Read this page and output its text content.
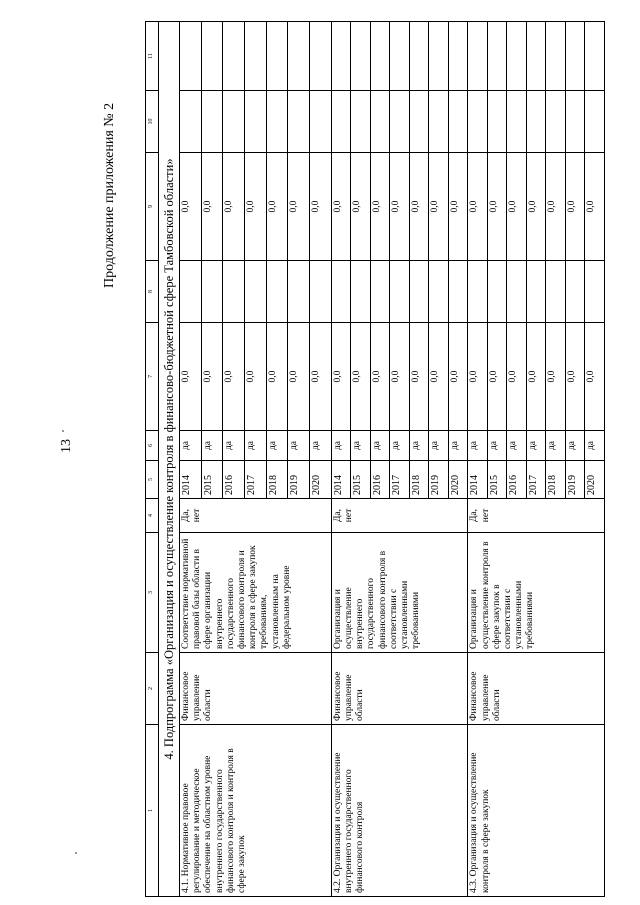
13
Продолжение приложения № 2
1	2	3	4	5	6	7	8	9	10	11
4. Подпрограмма «Организация и осуществление контроля в финансово-бюджетной сфере Тамбовской области»										
4.1. Нормативное правовое регулирование и методическое обеспечение на областном уровне внутреннего государственного финансового контроля и контроля в сфере закупок	Финансовое управление области	Соответствие нормативной правовой базы области в сфере организации внутреннего государственного финансового контроля и контроля в сфере закупок требованиям, установленным на федеральном уровне	Да, нет	2014	да	0,0		0,0		
				2015	да	0,0		0,0		
				2016	да	0,0		0,0		
				2017	да	0,0		0,0		
				2018	да	0,0		0,0		
				2019	да	0,0		0,0		
				2020	да	0,0		0,0		
4.2. Организация и осуществление внутреннего государственного финансового контроля	Финансовое управление области	Организация и осуществление внутреннего государственного финансового контроля в соответствии с установленными требованиями	Да, нет	2014	да	0,0		0,0		
				2015	да	0,0		0,0		
				2016	да	0,0		0,0		
				2017	да	0,0		0,0		
				2018	да	0,0		0,0		
				2019	да	0,0		0,0		
				2020	да	0,0		0,0		
4.3. Организация и осуществление контроля в сфере закупок	Финансовое управление области	Организация и осуществление контроля в сфере закупок в соответствии с установленными требованиями	Да, нет	2014	да	0,0		0,0		
				2015	да	0,0		0,0		
				2016	да	0,0		0,0		
				2017	да	0,0		0,0		
				2018	да	0,0		0,0		
				2019	да	0,0		0,0		
				2020	да	0,0		0,0		
